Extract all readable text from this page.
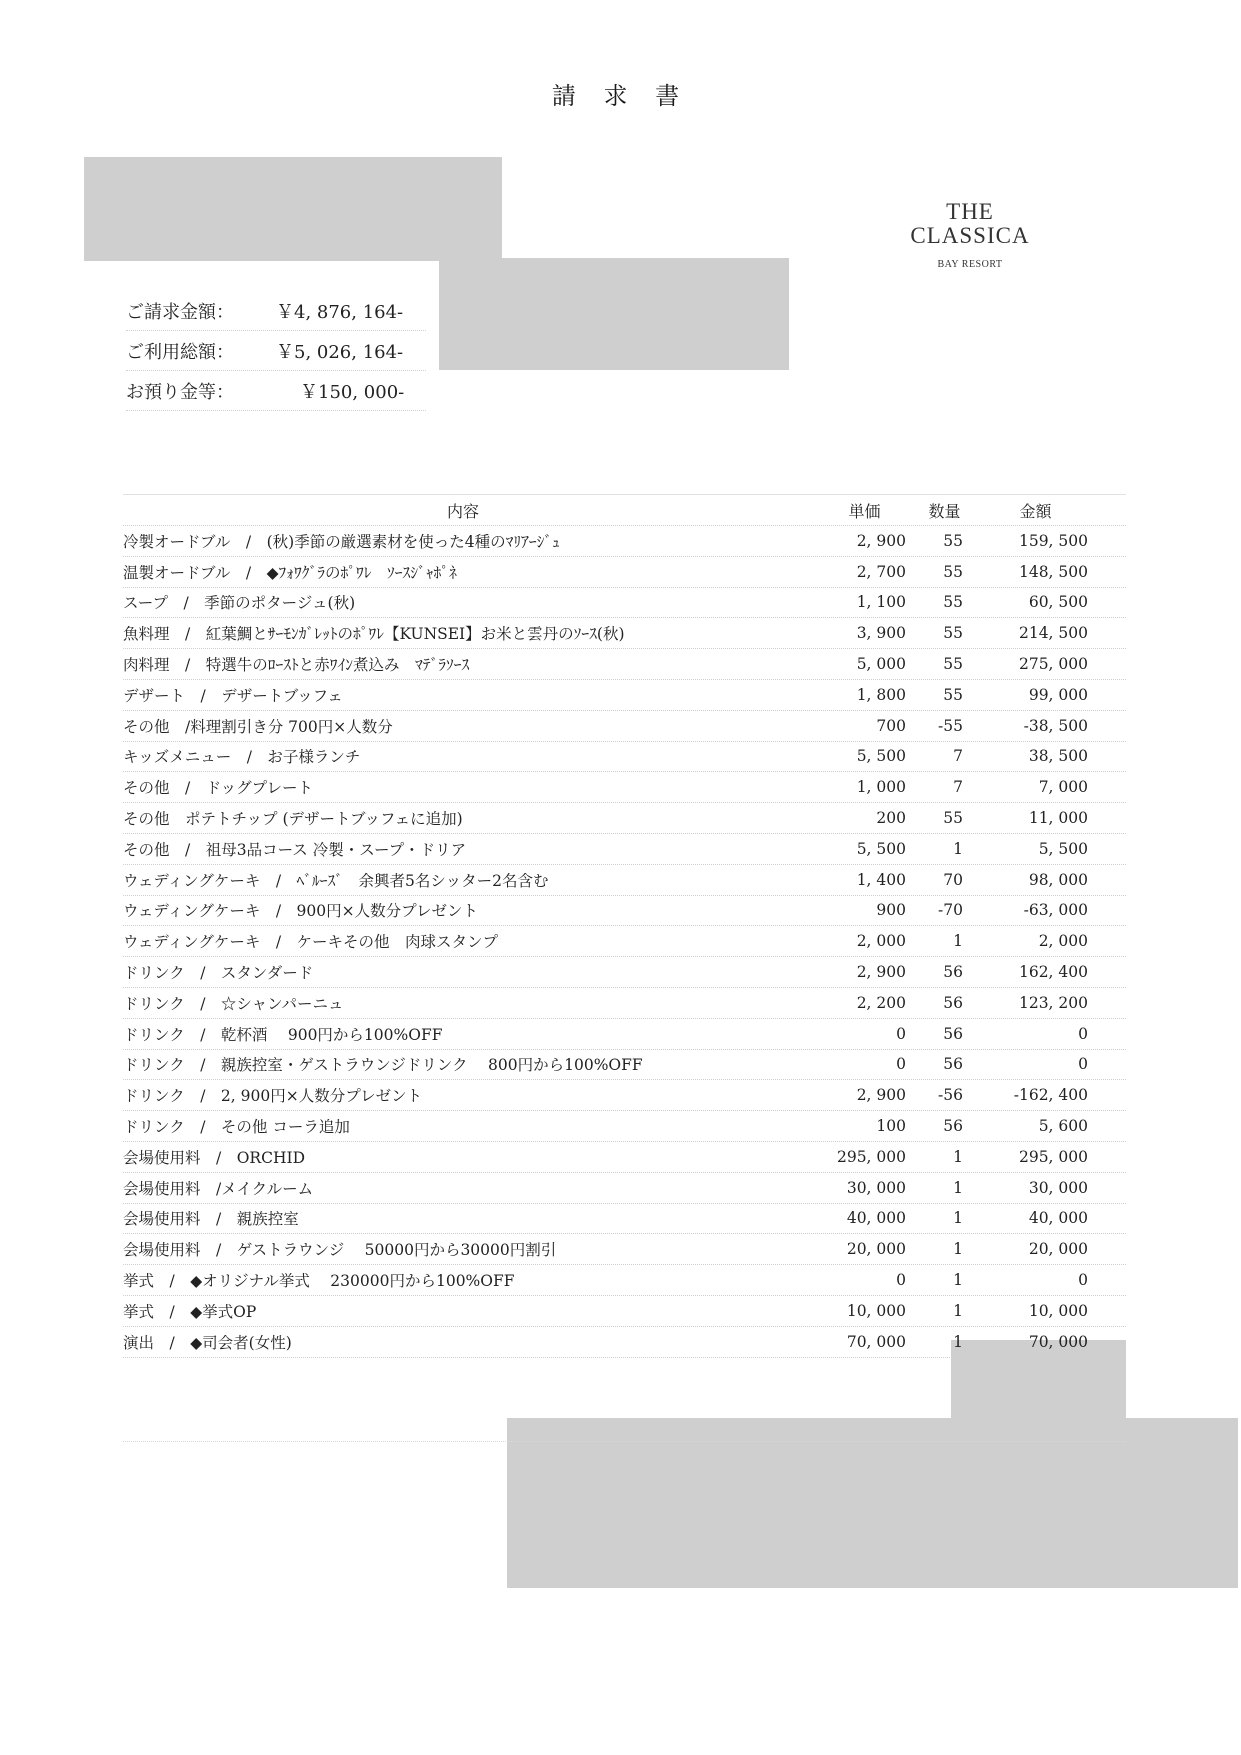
請 求 書
THE
CLASSICA
BAY RESORT
ご請求金額：	￥4, 876, 164-
ご利用総額：	￥5, 026, 164-
お預り金等：	￥150, 000-
内容	単価	数量	金額
冷製オードブル　/　(秋)季節の厳選素材を使った4種のﾏﾘｱｰｼﾞｭ	2, 900	55	159, 500
温製オードブル　/　◆ﾌｫﾜｸﾞﾗのﾎﾟﾜﾚ　ｿｰｽｼﾞｬﾎﾟﾈ	2, 700	55	148, 500
スープ　/　季節のポタージュ(秋)	1, 100	55	60, 500
魚料理　/　紅葉鯛とｻｰﾓﾝｶﾞﾚｯﾄのﾎﾟﾜﾚ【KUNSEI】お米と雲丹のｿｰｽ(秋)	3, 900	55	214, 500
肉料理　/　特選牛のﾛｰｽﾄと赤ﾜｲﾝ煮込み　ﾏﾃﾞﾗｿｰｽ	5, 000	55	275, 000
デザート　/　デザートブッフェ	1, 800	55	99, 000
その他　/料理割引き分 700円×人数分	700	-55	-38, 500
キッズメニュー　/　お子様ランチ	5, 500	7	38, 500
その他　/　ドッグプレート	1, 000	7	7, 000
その他　ポテトチップ (デザートブッフェに追加)	200	55	11, 000
その他　/　祖母3品コース 冷製・スープ・ドリア	5, 500	1	5, 500
ウェディングケーキ　/　ﾍﾞﾙｰｽﾞ　余興者5名シッター2名含む	1, 400	70	98, 000
ウェディングケーキ　/　900円×人数分プレゼント	900	-70	-63, 000
ウェディングケーキ　/　ケーキその他　肉球スタンプ	2, 000	1	2, 000
ドリンク　/　スタンダード	2, 900	56	162, 400
ドリンク　/　☆シャンパーニュ	2, 200	56	123, 200
ドリンク　/　乾杯酒　 900円から100%OFF	0	56	0
ドリンク　/　親族控室・ゲストラウンジドリンク　 800円から100%OFF	0	56	0
ドリンク　/　2, 900円×人数分プレゼント	2, 900	-56	-162, 400
ドリンク　/　その他 コーラ追加	100	56	5, 600
会場使用料　/　ORCHID	295, 000	1	295, 000
会場使用料　/メイクルーム	30, 000	1	30, 000
会場使用料　/　親族控室	40, 000	1	40, 000
会場使用料　/　ゲストラウンジ　 50000円から30000円割引	20, 000	1	20, 000
挙式　/　◆オリジナル挙式　 230000円から100%OFF	0	1	0
挙式　/　◆挙式OP	10, 000	1	10, 000
演出　/　◆司会者(女性)	70, 000	1	70, 000
